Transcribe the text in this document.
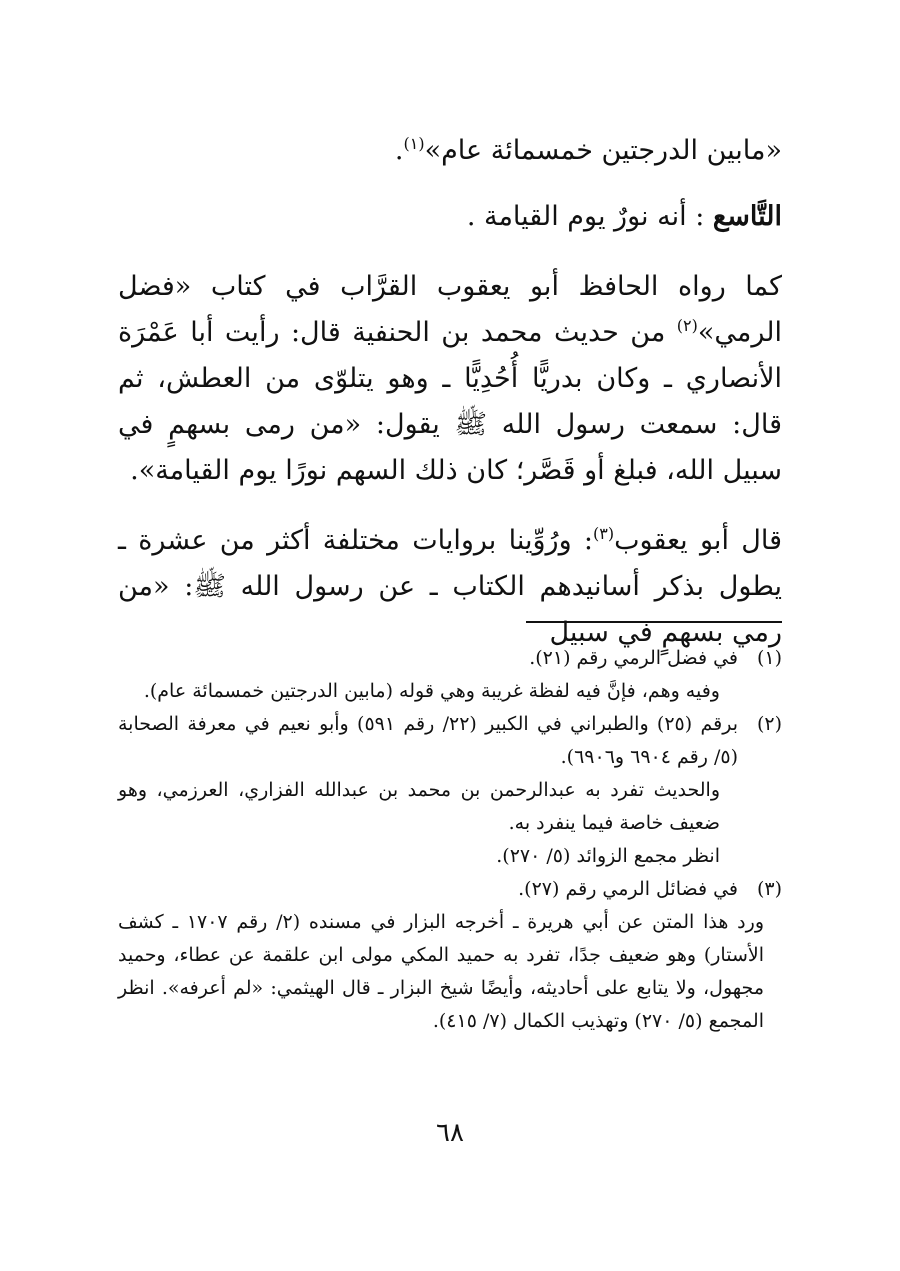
«مابين الدرجتين خمسمائة عام»$^{(١)}$.

التَّاسع : أنه نورٌ يوم القيامة .

كما رواه الحافظ أبو يعقوب القرَّاب في كتاب «فضل الرمي»$^{(٢)}$ من حديث محمد بن الحنفية قال: رأيت أبا عَمْرَة الأنصاري ـ وكان بدريًّا أُحُدِيًّا ـ وهو يتلوّى من العطش، ثم قال: سمعت رسول الله ﷺ يقول: «من رمى بسهمٍ في سبيل الله، فبلغ أو قَصَّر؛ كان ذلك السهم نورًا يوم القيامة».

قال أبو يعقوب$^{(٣)}$: ورُوِّينا بروايات مختلفة أكثر من عشرة ـ يطول بذكر أسانيدهم الكتاب ـ عن رسول الله ﷺ: «من رمي بسهمٍ في سبيل

(١)

في فضل الرمي رقم (٢١).

وفيه وهم، فإنَّ فيه لفظة غريبة وهي قوله (مابين الدرجتين خمسمائة عام).

(٢)

برقم (٢٥) والطبراني في الكبير (٢٢/ رقم ٥٩١) وأبو نعيم في معرفة الصحابة (٥/ رقم ٦٩٠٤ و٦٩٠٦).

والحديث تفرد به عبدالرحمن بن محمد بن عبدالله الفزاري، العرزمي، وهو ضعيف خاصة فيما ينفرد به.

انظر مجمع الزوائد (٥/ ٢٧٠).

(٣)

في فضائل الرمي رقم (٢٧).

ورد هذا المتن عن أبي هريرة ـ أخرجه البزار في مسنده (٢/ رقم ١٧٠٧ ـ كشف الأستار) وهو ضعيف جدًا، تفرد به حميد المكي مولى ابن علقمة عن عطاء، وحميد مجهول، ولا يتابع على أحاديثه، وأيضًا شيخ البزار ـ قال الهيثمي: «لم أعرفه». انظر المجمع (٥/ ٢٧٠) وتهذيب الكمال (٧/ ٤١٥).

٦٨
